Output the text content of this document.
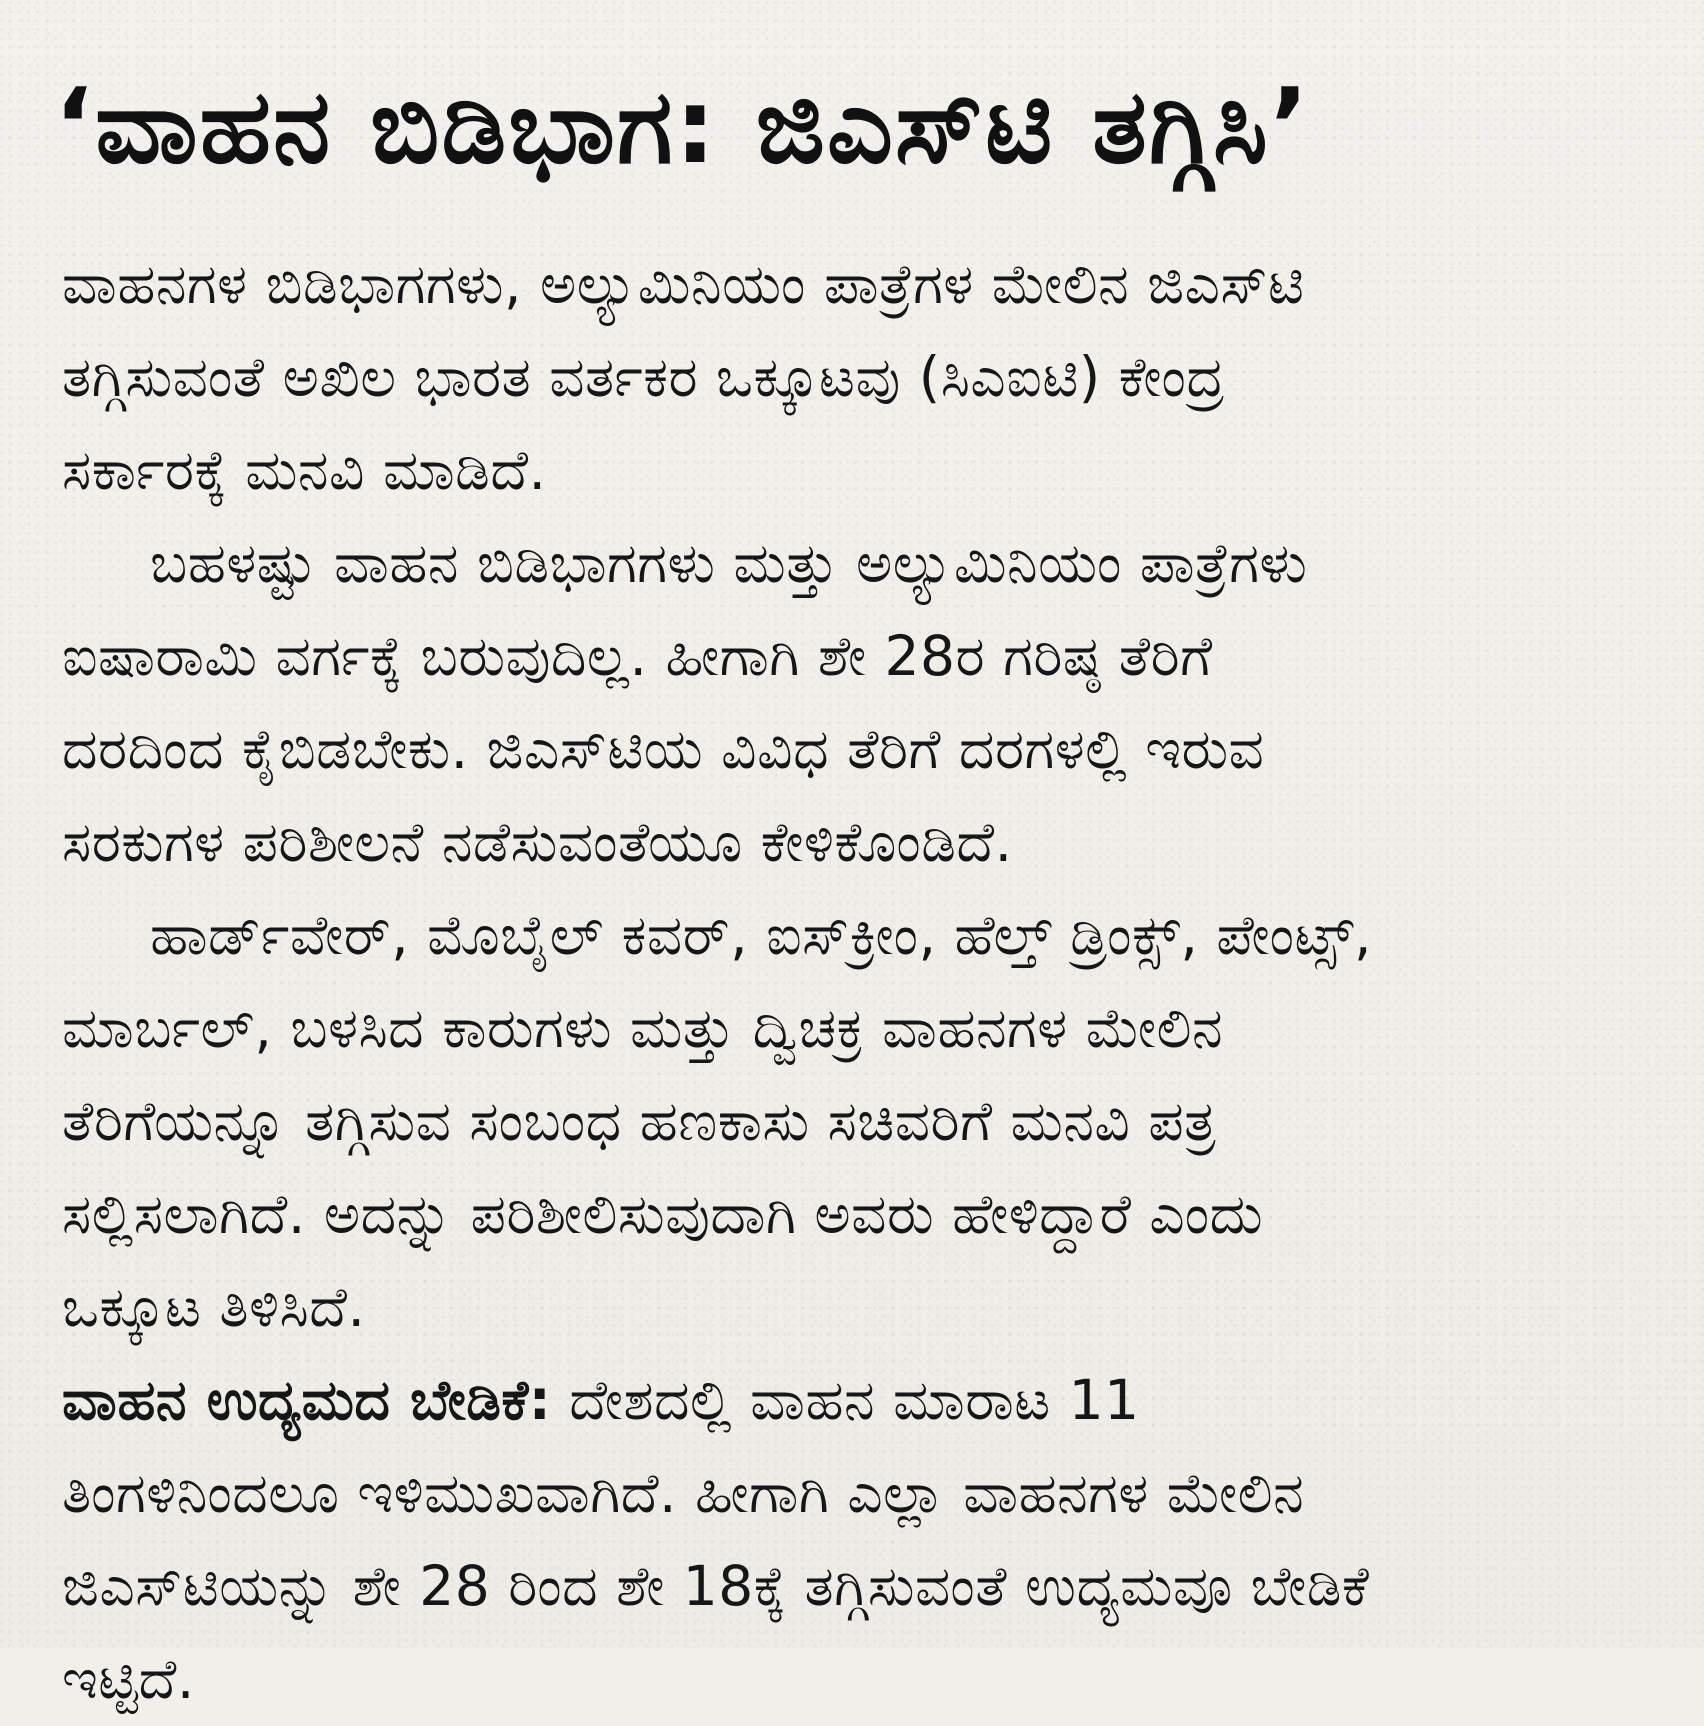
‘ವಾಹನ ಬಿಡಿಭಾಗ: ಜಿಎಸ್‌ಟಿ ತಗ್ಗಿಸಿ’
ವಾಹನಗಳ ಬಿಡಿಭಾಗಗಳು, ಅಲ್ಯುಮಿನಿಯಂ ಪಾತ್ರೆಗಳ ಮೇಲಿನ ಜಿಎಸ್‌ಟಿ
ತಗ್ಗಿಸುವಂತೆ ಅಖಿಲ ಭಾರತ ವರ್ತಕರ ಒಕ್ಕೂಟವು (ಸಿಎಐಟಿ) ಕೇಂದ್ರ
ಸರ್ಕಾರಕ್ಕೆ ಮನವಿ ಮಾಡಿದೆ.
ಬಹಳಷ್ಟು ವಾಹನ ಬಿಡಿಭಾಗಗಳು ಮತ್ತು ಅಲ್ಯುಮಿನಿಯಂ ಪಾತ್ರೆಗಳು
ಐಷಾರಾಮಿ ವರ್ಗಕ್ಕೆ ಬರುವುದಿಲ್ಲ. ಹೀಗಾಗಿ ಶೇ 28ರ ಗರಿಷ್ಠ ತೆರಿಗೆ
ದರದಿಂದ ಕೈಬಿಡಬೇಕು. ಜಿಎಸ್‌ಟಿಯ ವಿವಿಧ ತೆರಿಗೆ ದರಗಳಲ್ಲಿ ಇರುವ
ಸರಕುಗಳ ಪರಿಶೀಲನೆ ನಡೆಸುವಂತೆಯೂ ಕೇಳಿಕೊಂಡಿದೆ.
ಹಾರ್ಡ್‌ವೇರ್, ಮೊಬೈಲ್ ಕವರ್, ಐಸ್‌ಕ್ರೀಂ, ಹೆಲ್ತ್ ಡ್ರಿಂಕ್ಸ್, ಪೇಂಟ್ಸ್,
ಮಾರ್ಬಲ್, ಬಳಸಿದ ಕಾರುಗಳು ಮತ್ತು ದ್ವಿಚಕ್ರ ವಾಹನಗಳ ಮೇಲಿನ
ತೆರಿಗೆಯನ್ನೂ ತಗ್ಗಿಸುವ ಸಂಬಂಧ ಹಣಕಾಸು ಸಚಿವರಿಗೆ ಮನವಿ ಪತ್ರ
ಸಲ್ಲಿಸಲಾಗಿದೆ. ಅದನ್ನು ಪರಿಶೀಲಿಸುವುದಾಗಿ ಅವರು ಹೇಳಿದ್ದಾರೆ ಎಂದು
ಒಕ್ಕೂಟ ತಿಳಿಸಿದೆ.
ವಾಹನ ಉದ್ಯಮದ ಬೇಡಿಕೆ: ದೇಶದಲ್ಲಿ ವಾಹನ ಮಾರಾಟ 11
ತಿಂಗಳಿನಿಂದಲೂ ಇಳಿಮುಖವಾಗಿದೆ. ಹೀಗಾಗಿ ಎಲ್ಲಾ ವಾಹನಗಳ ಮೇಲಿನ
ಜಿಎಸ್‌ಟಿಯನ್ನು ಶೇ 28 ರಿಂದ ಶೇ 18ಕ್ಕೆ ತಗ್ಗಿಸುವಂತೆ ಉದ್ಯಮವೂ ಬೇಡಿಕೆ
ಇಟ್ಟಿದೆ.
